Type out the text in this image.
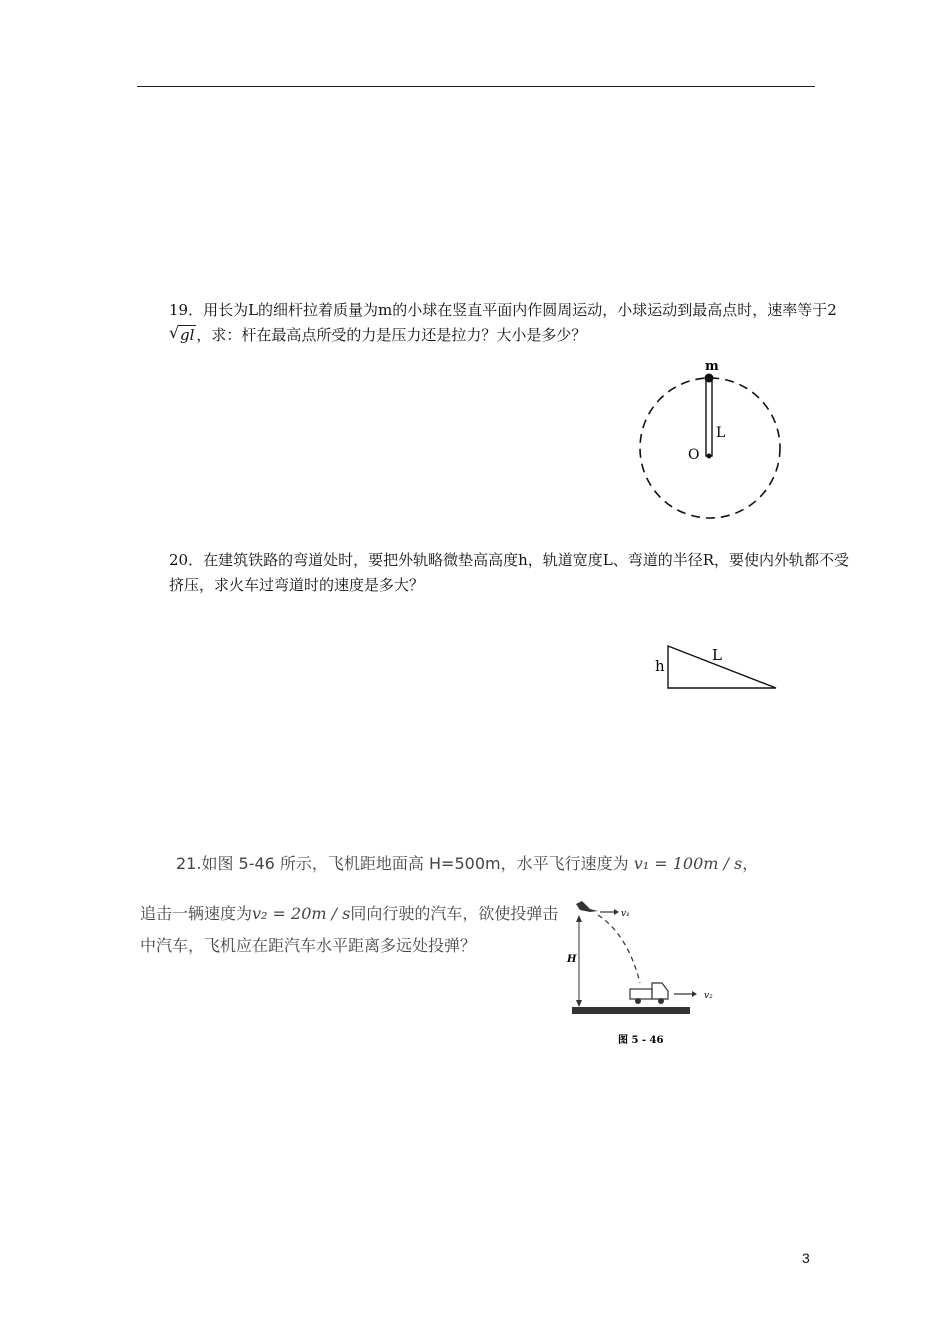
19．用长为L的细杆拉着质量为m的小球在竖直平面内作圆周运动，小球运动到最高点时，速率等于2
√ gl ，求：杆在最高点所受的力是压力还是拉力？大小是多少？

m
L
O

20．在建筑铁路的弯道处时，要把外轨略微垫高高度h，轨道宽度L、弯道的半径R，要使内外轨都不受挤压，求火车过弯道时的速度是多大？

h
L
21.如图 5-46 所示，飞机距地面高 H=500m，水平飞行速度为 v₁ = 100m / s，
追击一辆速度为v₂ = 20m / s同向行驶的汽车，欲使投弹击中汽车，飞机应在距汽车水平距离多远处投弹？
v₁
H
v₂
图 5 - 46
3
